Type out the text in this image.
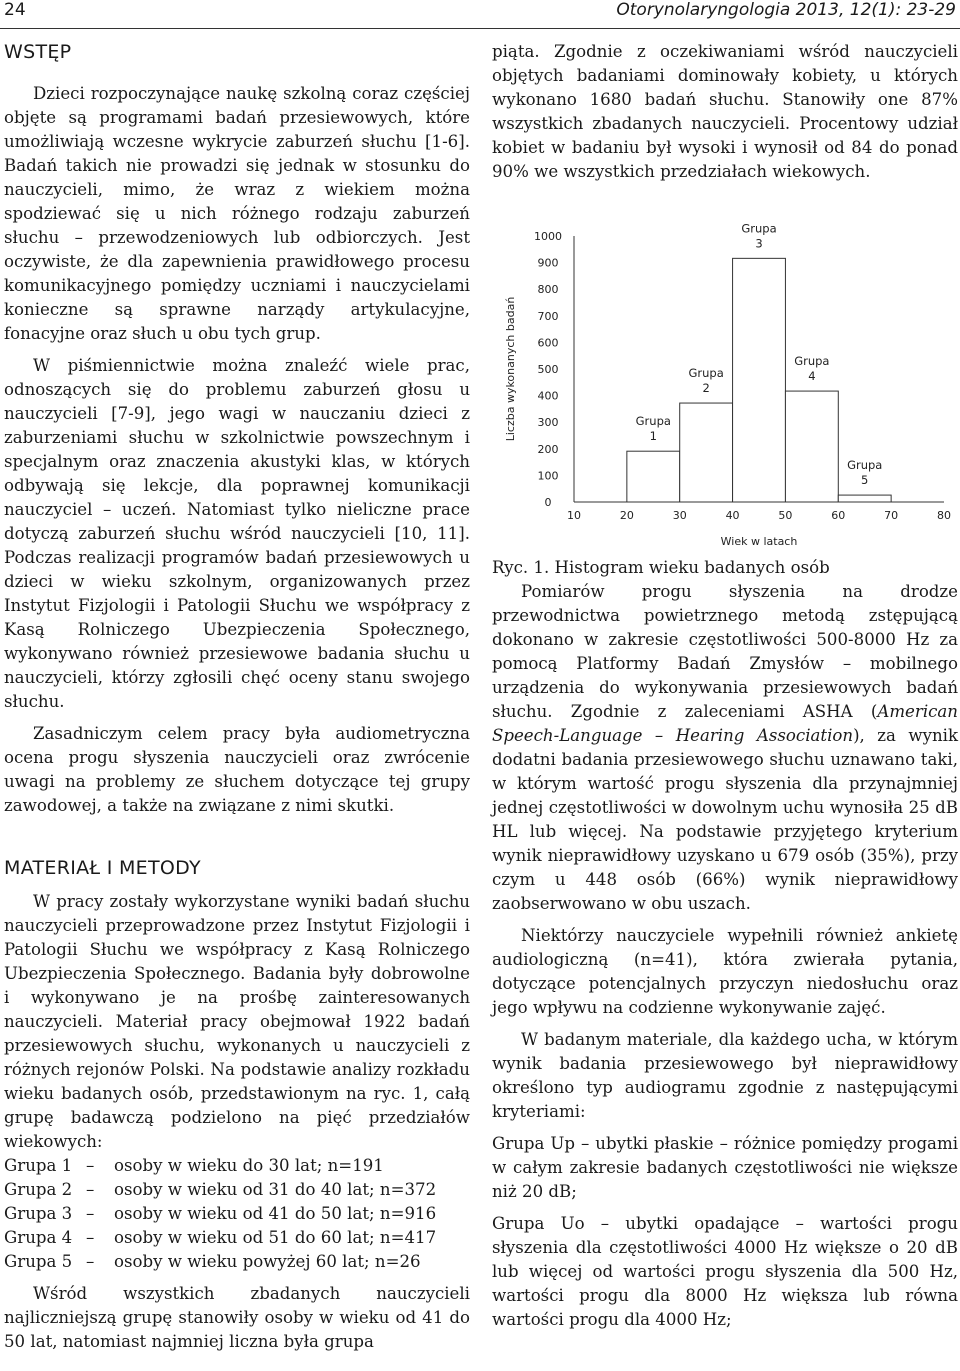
24	Otorynolaryngologia 2013, 12(1): 23-29
WSTĘP

Dzieci rozpoczynające naukę szkolną coraz częściej objęte są programami badań przesiewowych, które umożliwiają wczesne wykrycie zaburzeń słuchu [1-6]. Badań takich nie prowadzi się jednak w stosunku do nauczycieli, mimo, że wraz z wiekiem można spodziewać się u nich różnego rodzaju zaburzeń słuchu – przewodzeniowych lub odbiorczych. Jest oczywiste, że dla zapewnienia prawidłowego procesu komunikacyjnego pomiędzy uczniami i nauczycielami konieczne są sprawne narządy artykulacyjne, fonacyjne oraz słuch u obu tych grup.

W piśmiennictwie można znaleźć wiele prac, odnoszących się do problemu zaburzeń głosu u nauczycieli [7-9], jego wagi w nauczaniu dzieci z zaburzeniami słuchu w szkolnictwie powszechnym i specjalnym oraz znaczenia akustyki klas, w których odbywają się lekcje, dla poprawnej komunikacji nauczyciel – uczeń. Natomiast tylko nieliczne prace dotyczą zaburzeń słuchu wśród nauczycieli [10, 11]. Podczas realizacji programów badań przesiewowych u dzieci w wieku szkolnym, organizowanych przez Instytut Fizjologii i Patologii Słuchu we współpracy z Kasą Rolniczego Ubezpieczenia Społecznego, wykonywano również przesiewowe badania słuchu u nauczycieli, którzy zgłosili chęć oceny stanu swojego słuchu.

Zasadniczym celem pracy była audiometryczna ocena progu słyszenia nauczycieli oraz zwrócenie uwagi na problemy ze słuchem dotyczące tej grupy zawodowej, a także na związane z nimi skutki.

MATERIAŁ I METODY

W pracy zostały wykorzystane wyniki badań słuchu nauczycieli przeprowadzone przez Instytut Fizjologii i Patologii Słuchu we współpracy z Kasą Rolniczego Ubezpieczenia Społecznego. Badania były dobrowolne i wykonywano je na prośbę zainteresowanych nauczycieli. Materiał pracy obejmował 1922 badań przesiewowych słuchu, wykonanych u nauczycieli z różnych rejonów Polski. Na podstawie analizy rozkładu wieku badanych osób, przedstawionym na ryc. 1, całą grupę badawczą podzielono na pięć przedziałów wiekowych:

Grupa 1 – osoby w wieku do 30 lat; n=191
Grupa 2 – osoby w wieku od 31 do 40 lat; n=372
Grupa 3 – osoby w wieku od 41 do 50 lat; n=916
Grupa 4 – osoby w wieku od 51 do 60 lat; n=417
Grupa 5 – osoby w wieku powyżej 60 lat; n=26

Wśród wszystkich zbadanych nauczycieli najliczniejszą grupę stanowiły osoby w wieku od 41 do 50 lat, natomiast najmniej liczna była grupa

piąta. Zgodnie z oczekiwaniami wśród nauczycieli objętych badaniami dominowały kobiety, u których wykonano 1680 badań słuchu. Stanowiły one 87% wszystkich zbadanych nauczycieli. Procentowy udział kobiet w badaniu był wysoki i wynosił od 84 do ponad 90% we wszystkich przedziałach wiekowych.

Grupa
1
Grupa
2
Grupa
3
Grupa
4
Grupa
5
0
100
200
300
400
500
600
700
800
900
1000
10	20	30	40	50	60	70	80
Wiek w latach
Liczba wykonanych badań

Ryc. 1. Histogram wieku badanych osób

Pomiarów progu słyszenia na drodze przewodnictwa powietrznego metodą zstępującą dokonano w zakresie częstotliwości 500-8000 Hz za pomocą Platformy Badań Zmysłów – mobilnego urządzenia do wykonywania przesiewowych badań słuchu. Zgodnie z zaleceniami ASHA (American Speech-Language – Hearing Association), za wynik dodatni badania przesiewowego słuchu uznawano taki, w którym wartość progu słyszenia dla przynajmniej jednej częstotliwości w dowolnym uchu wynosiła 25 dB HL lub więcej. Na podstawie przyjętego kryterium wynik nieprawidłowy uzyskano u 679 osób (35%), przy czym u 448 osób (66%) wynik nieprawidłowy zaobserwowano w obu uszach.

Niektórzy nauczyciele wypełnili również ankietę audiologiczną (n=41), która zwierała pytania, dotyczące potencjalnych przyczyn niedosłuchu oraz jego wpływu na codzienne wykonywanie zajęć.

W badanym materiale, dla każdego ucha, w którym wynik badania przesiewowego był nieprawidłowy określono typ audiogramu zgodnie z następującymi kryteriami:

Grupa Up – ubytki płaskie – różnice pomiędzy progami w całym zakresie badanych częstotliwości nie większe niż 20 dB;

Grupa Uo – ubytki opadające – wartości progu słyszenia dla częstotliwości 4000 Hz większe o 20 dB lub więcej od wartości progu słyszenia dla 500 Hz, wartości progu dla 8000 Hz większa lub równa wartości progu dla 4000 Hz;
